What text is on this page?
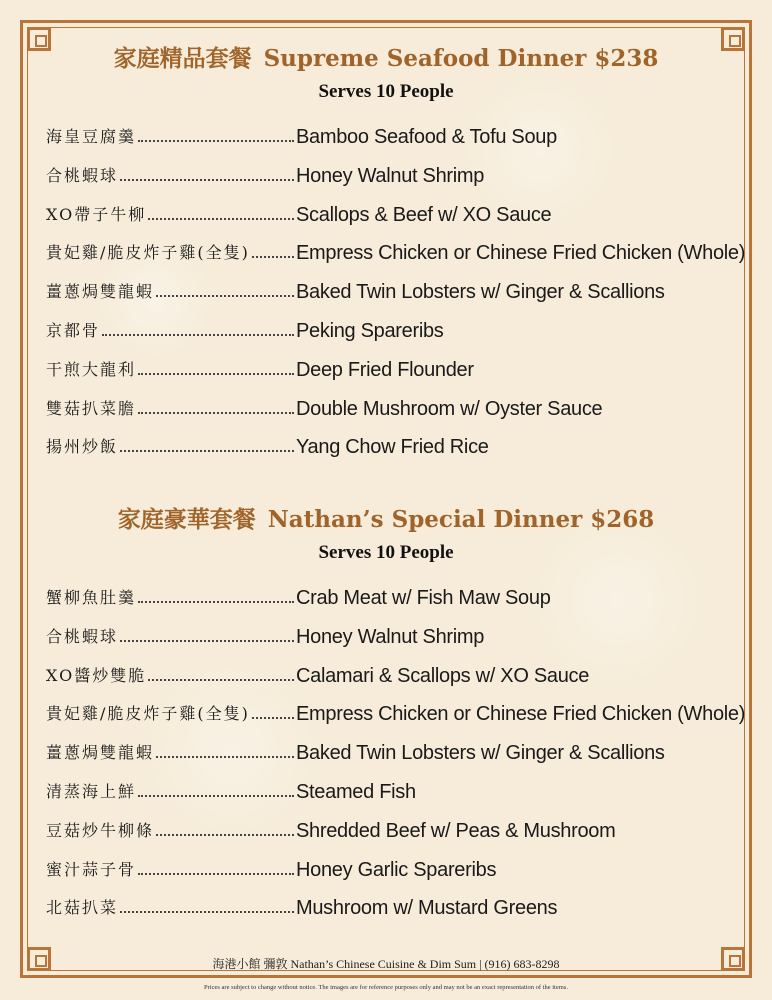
家庭精品套餐 Supreme Seafood Dinner $238
Serves 10 People
海皇豆腐羹	Bamboo Seafood & Tofu Soup
合桃蝦球	Honey Walnut Shrimp
XO帶子牛柳	Scallops & Beef w/ XO Sauce
貴妃雞/脆皮炸子雞(全隻) Empress Chicken or Chinese Fried Chicken (Whole)
薑蔥焗雙龍蝦	Baked Twin Lobsters w/ Ginger & Scallions
京都骨	Peking Spareribs
干煎大龍利	Deep Fried Flounder
雙菇扒菜膽	Double Mushroom w/ Oyster Sauce
揚州炒飯	Yang Chow Fried Rice
家庭豪華套餐 Nathan’s Special Dinner $268
Serves 10 People
蟹柳魚肚羹	Crab Meat w/ Fish Maw Soup
合桃蝦球	Honey Walnut Shrimp
XO醬炒雙脆	Calamari & Scallops w/ XO Sauce
貴妃雞/脆皮炸子雞(全隻) Empress Chicken or Chinese Fried Chicken (Whole)
薑蔥焗雙龍蝦	Baked Twin Lobsters w/ Ginger & Scallions
清蒸海上鮮	Steamed Fish
豆菇炒牛柳條	Shredded Beef w/ Peas & Mushroom
蜜汁蒜子骨	Honey Garlic Spareribs
北菇扒菜	Mushroom w/ Mustard Greens
海港小館 彌敦 Nathan’s Chinese Cuisine & Dim Sum | (916) 683-8298
Prices are subject to change without notice. The images are for reference purposes only and may not be an exact representation of the items.
